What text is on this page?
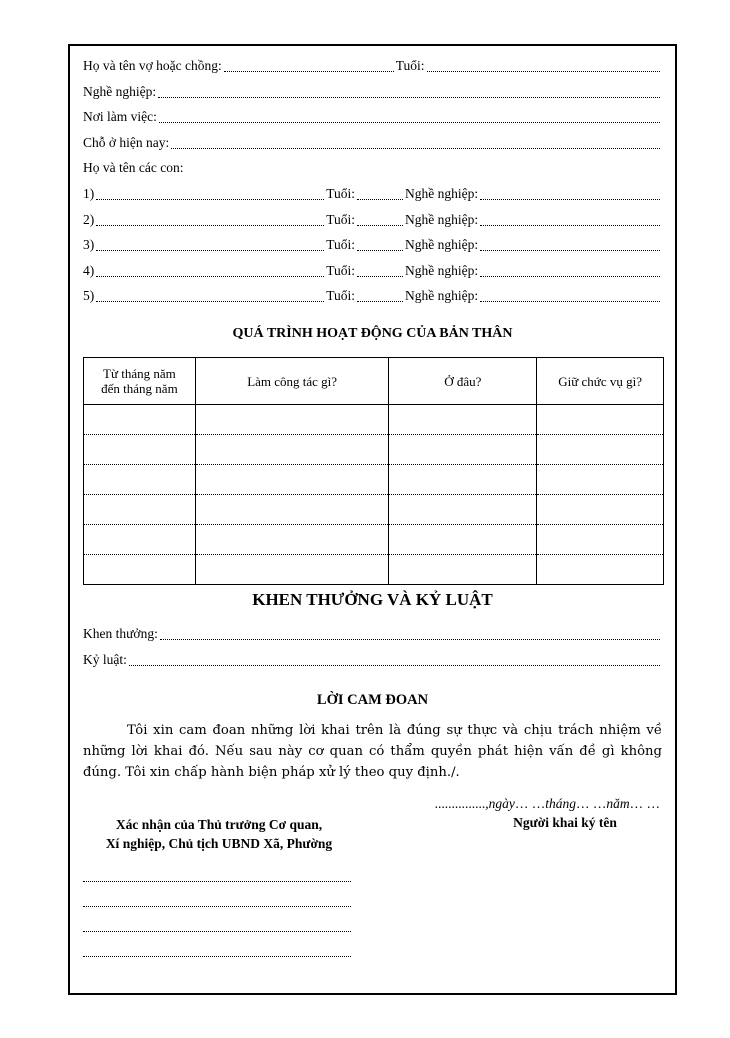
Họ và tên vợ hoặc chồng:	Tuổi:
Nghề nghiệp:
Nơi làm việc:
Chỗ ở hiện nay:
Họ và tên các con:
1)	Tuổi:	Nghề nghiệp:
2)	Tuổi:	Nghề nghiệp:
3)	Tuổi:	Nghề nghiệp:
4)	Tuổi:	Nghề nghiệp:
5)	Tuổi:	Nghề nghiệp:
QUÁ TRÌNH HOẠT ĐỘNG CỦA BẢN THÂN
Từ tháng năm
đến tháng năm	Làm công tác gì?	Ở đâu?	Giữ chức vụ gì?

KHEN THƯỞNG VÀ KỶ LUẬT
Khen thưởng:
Kỷ luật:
LỜI CAM ĐOAN
Tôi xin cam đoan những lời khai trên là đúng sự thực và chịu trách nhiệm về những lời khai đó. Nếu sau này cơ quan có thẩm quyền phát hiện vấn đề gì không đúng. Tôi xin chấp hành biện pháp xử lý theo quy định./.
...............,ngày… …tháng… …năm… …
Xác nhận của Thủ trưởng Cơ quan,
Xí nghiệp, Chủ tịch UBND Xã, Phường
Người khai ký tên
